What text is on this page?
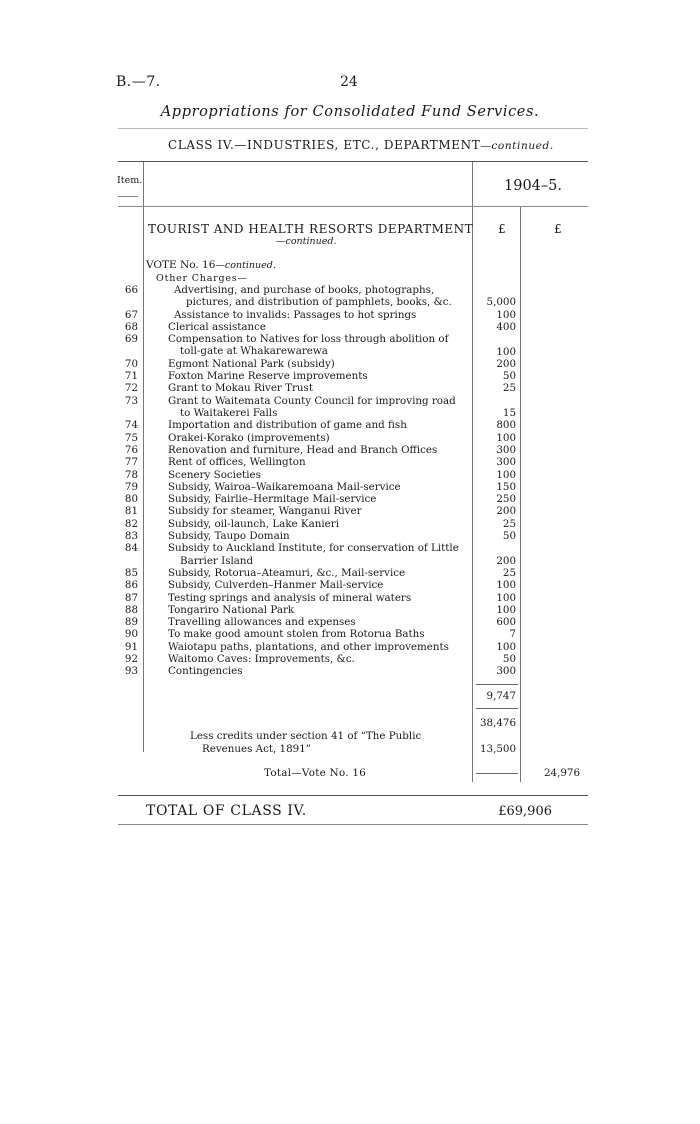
B.—7.	24
Appropriations for Consolidated Fund Services.
CLASS IV.—INDUSTRIES, ETC., DEPARTMENT—continued.
Item.	1904–5.
TOURIST AND HEALTH RESORTS DEPARTMENT
—continued.
£	£
VOTE No. 16—continued.
Other Charges—
66	Advertising, and purchase of books, photographs, pictures, and distribution of pamphlets, books, &c.	5,000
67	Assistance to invalids: Passages to hot springs	100
68	Clerical assistance	400
69	Compensation to Natives for loss through abolition of toll-gate at Whakarewarewa	100
70	Egmont National Park (subsidy)	200
71	Foxton Marine Reserve improvements	50
72	Grant to Mokau River Trust	25
73	Grant to Waitemata County Council for improving road to Waitakerei Falls	15
74	Importation and distribution of game and fish	800
75	Orakei-Korako (improvements)	100
76	Renovation and furniture, Head and Branch Offices	300
77	Rent of offices, Wellington	300
78	Scenery Societies	100
79	Subsidy, Wairoa–Waikaremoana Mail-service	150
80	Subsidy, Fairlie–Hermitage Mail-service	250
81	Subsidy for steamer, Wanganui River	200
82	Subsidy, oil-launch, Lake Kanieri	25
83	Subsidy, Taupo Domain	50
84	Subsidy to Auckland Institute, for conservation of Little Barrier Island	200
85	Subsidy, Rotorua–Ateamuri, &c., Mail-service	25
86	Subsidy, Culverden–Hanmer Mail-service	100
87	Testing springs and analysis of mineral waters	100
88	Tongariro National Park	100
89	Travelling allowances and expenses	600
90	To make good amount stolen from Rotorua Baths	7
91	Waiotapu paths, plantations, and other improvements	100
92	Waitomo Caves: Improvements, &c.	50
93	Contingencies	300
9,747
38,476
Less credits under section 41 of “The Public Revenues Act, 1891”	13,500
Total—Vote No. 16	24,976
TOTAL OF CLASS IV.	£69,906
